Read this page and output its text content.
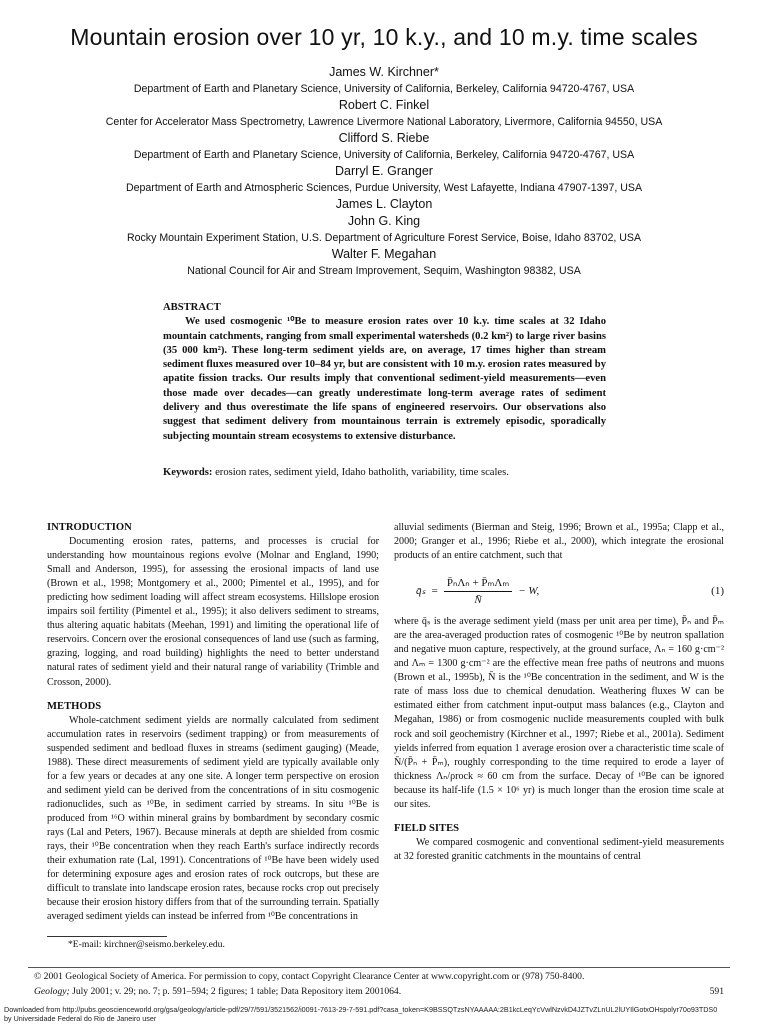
Mountain erosion over 10 yr, 10 k.y., and 10 m.y. time scales
James W. Kirchner*
Department of Earth and Planetary Science, University of California, Berkeley, California 94720-4767, USA
Robert C. Finkel
Center for Accelerator Mass Spectrometry, Lawrence Livermore National Laboratory, Livermore, California 94550, USA
Clifford S. Riebe
Department of Earth and Planetary Science, University of California, Berkeley, California 94720-4767, USA
Darryl E. Granger
Department of Earth and Atmospheric Sciences, Purdue University, West Lafayette, Indiana 47907-1397, USA
James L. Clayton
John G. King
Rocky Mountain Experiment Station, U.S. Department of Agriculture Forest Service, Boise, Idaho 83702, USA
Walter F. Megahan
National Council for Air and Stream Improvement, Sequim, Washington 98382, USA
ABSTRACT
We used cosmogenic ¹⁰Be to measure erosion rates over 10 k.y. time scales at 32 Idaho mountain catchments, ranging from small experimental watersheds (0.2 km²) to large river basins (35 000 km²). These long-term sediment yields are, on average, 17 times higher than stream sediment fluxes measured over 10–84 yr, but are consistent with 10 m.y. erosion rates measured by apatite fission tracks. Our results imply that conventional sediment-yield measurements—even those made over decades—can greatly underestimate long-term average rates of sediment delivery and thus overestimate the life spans of engineered reservoirs. Our observations also suggest that sediment delivery from mountainous terrain is extremely episodic, sporadically subjecting mountain stream ecosystems to extensive disturbance.
Keywords: erosion rates, sediment yield, Idaho batholith, variability, time scales.
INTRODUCTION

Documenting erosion rates, patterns, and processes is crucial for understanding how mountainous regions evolve (Molnar and England, 1990; Small and Anderson, 1995), for assessing the erosional impacts of land use (Brown et al., 1998; Montgomery et al., 2000; Pimentel et al., 1995), and for predicting how sediment loading will affect stream ecosystems. Hillslope erosion impairs soil fertility (Pimentel et al., 1995); it also delivers sediment to streams, thus altering aquatic habitats (Meehan, 1991) and limiting the operational life of reservoirs. Concern over the erosional consequences of land use (such as farming, grazing, logging, and road building) highlights the need to better understand natural rates of sediment yield and their natural range of variability (Trimble and Crosson, 2000).

METHODS

Whole-catchment sediment yields are normally calculated from sediment accumulation rates in reservoirs (sediment trapping) or from measurements of suspended sediment and bedload fluxes in streams (sediment gauging) (Meade, 1988). These direct measurements of sediment yield are typically available only for a few years or decades at any one site. A longer term perspective on erosion and sediment yield can be derived from the concentrations of in situ cosmogenic radionuclides, such as ¹⁰Be, in sediment carried by streams. In situ ¹⁰Be is produced from ¹⁶O within mineral grains by bombardment by secondary cosmic rays (Lal and Peters, 1967). Because minerals at depth are shielded from cosmic rays, their ¹⁰Be concentration when they reach Earth's surface indirectly records their exhumation rate (Lal, 1991). Concentrations of ¹⁰Be have been widely used for determining exposure ages and erosion rates of rock outcrops, but these are difficult to translate into landscape erosion rates, because rocks crop out precisely because their erosion history differs from that of the surrounding terrain. Spatially averaged sediment yields can instead be inferred from ¹⁰Be concentrations in

alluvial sediments (Bierman and Steig, 1996; Brown et al., 1995a; Clapp et al., 2000; Granger et al., 1996; Riebe et al., 2000), which integrate the erosional products of an entire catchment, such that
q̄ₛ = $\frac{\text{P̄ₙΛₙ + P̄ₘΛₘ}}{N̄} - W$,	(1)

where q̄ₛ is the average sediment yield (mass per unit area per time), P̄ₙ and P̄ₘ are the area-averaged production rates of cosmogenic ¹⁰Be by neutron spallation and negative muon capture, respectively, at the ground surface, Λₙ = 160 g·cm⁻² and Λₘ = 1300 g·cm⁻² are the effective mean free paths of neutrons and muons (Brown et al., 1995b), N̄ is the ¹⁰Be concentration in the sediment, and W is the rate of mass loss due to chemical denudation. Weathering fluxes W can be estimated either from catchment input-output mass balances (e.g., Clayton and Megahan, 1986) or from cosmogenic nuclide measurements coupled with bulk rock and soil geochemistry (Kirchner et al., 1997; Riebe et al., 2001a). Sediment yields inferred from equation 1 average erosion over a characteristic time scale of N̄/(P̄ₙ + P̄ₘ), roughly corresponding to the time required to erode a layer of thickness Λₙ/ρrock ≈ 60 cm from the surface. Decay of ¹⁰Be can be ignored because its half-life (1.5 × 10⁶ yr) is much longer than the erosion time scale at our sites.

FIELD SITES

We compared cosmogenic and conventional sediment-yield measurements at 32 forested granitic catchments in the mountains of central

*E-mail: kirchner@seismo.berkeley.edu.
© 2001 Geological Society of America. For permission to copy, contact Copyright Clearance Center at www.copyright.com or (978) 750-8400.
Geology; July 2001; v. 29; no. 7; p. 591–594; 2 figures; 1 table; Data Repository item 2001064.	591
Downloaded from http://pubs.geoscienceworld.org/gsa/geology/article-pdf/29/7/591/3521562/i0091-7613-29-7-591.pdf?casa_token=K9BSSQTzsNYAAAAA:2B1kcLeqYcVwlNzvkD4JZTvZLnUL2lUYIlGotxOHspolyr70o93TDS0
by Universidade Federal do Rio de Janeiro user
